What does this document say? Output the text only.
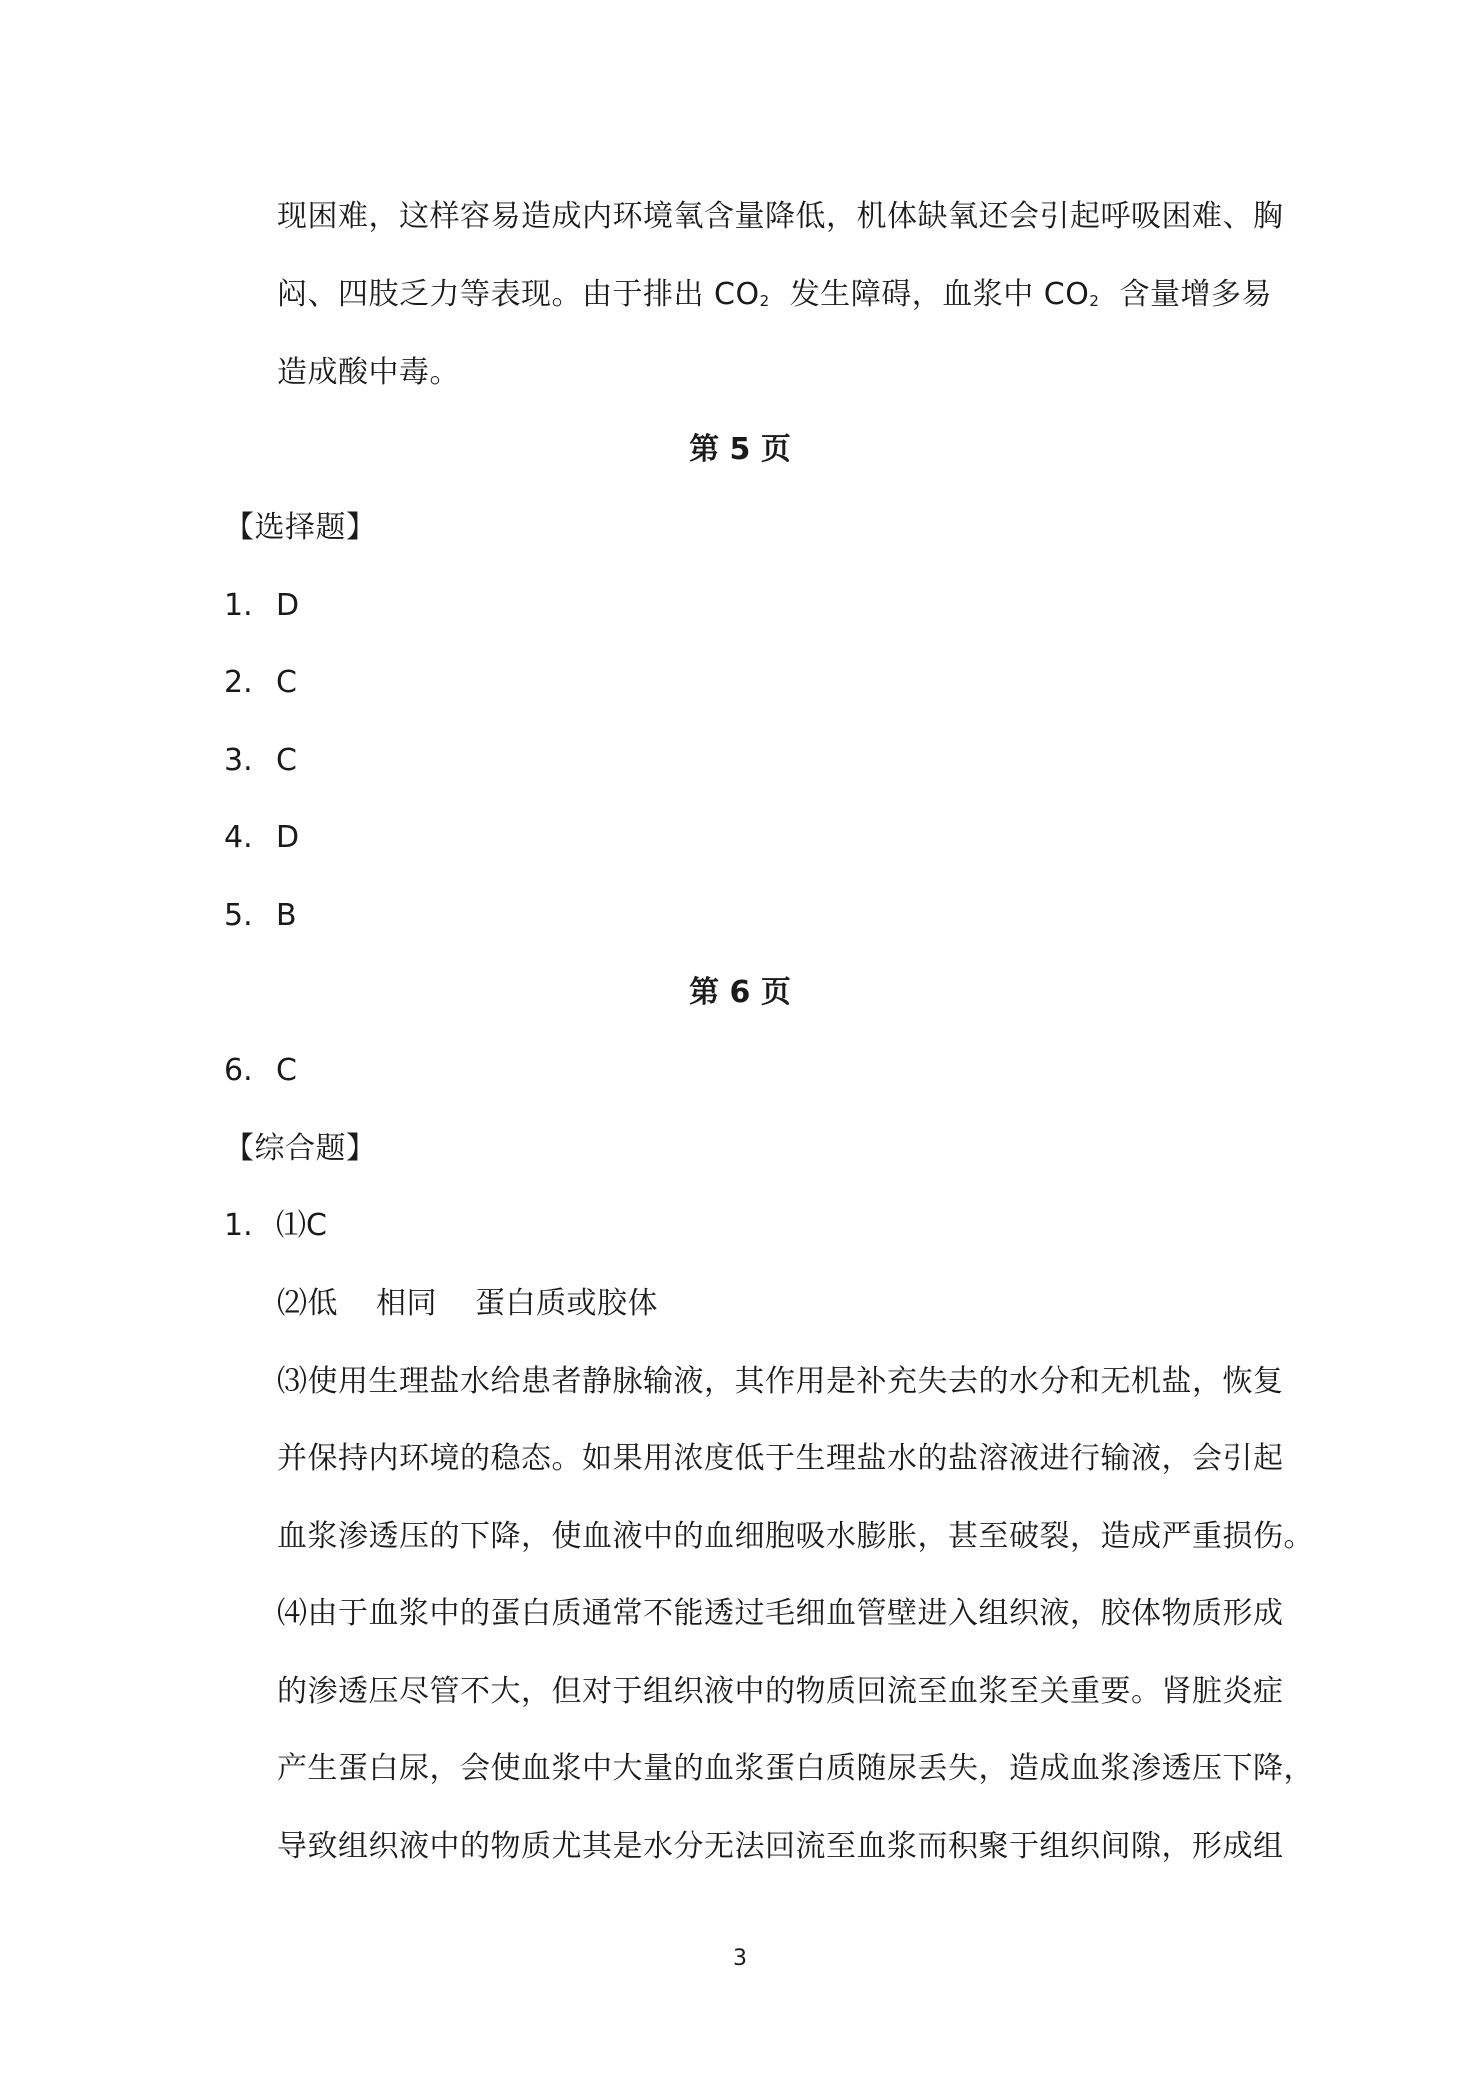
现困难，这样容易造成内环境氧含量降低，机体缺氧还会引起呼吸困难、胸
闷、四肢乏力等表现。由于排出 $CO_2$ 发生障碍，血浆中 $CO_2$ 含量增多易
造成酸中毒。
第 5 页
【选择题】
1. D
2. C
3. C
4. D
5. B
第 6 页
6. C
【综合题】
1. ⑴C
⑵低 相同 蛋白质或胶体
⑶使用生理盐水给患者静脉输液，其作用是补充失去的水分和无机盐，恢复
并保持内环境的稳态。如果用浓度低于生理盐水的盐溶液进行输液，会引起
血浆渗透压的下降，使血液中的血细胞吸水膨胀，甚至破裂，造成严重损伤。
⑷由于血浆中的蛋白质通常不能透过毛细血管壁进入组织液，胶体物质形成
的渗透压尽管不大，但对于组织液中的物质回流至血浆至关重要。肾脏炎症
产生蛋白尿，会使血浆中大量的血浆蛋白质随尿丢失，造成血浆渗透压下降，
导致组织液中的物质尤其是水分无法回流至血浆而积聚于组织间隙，形成组
3
